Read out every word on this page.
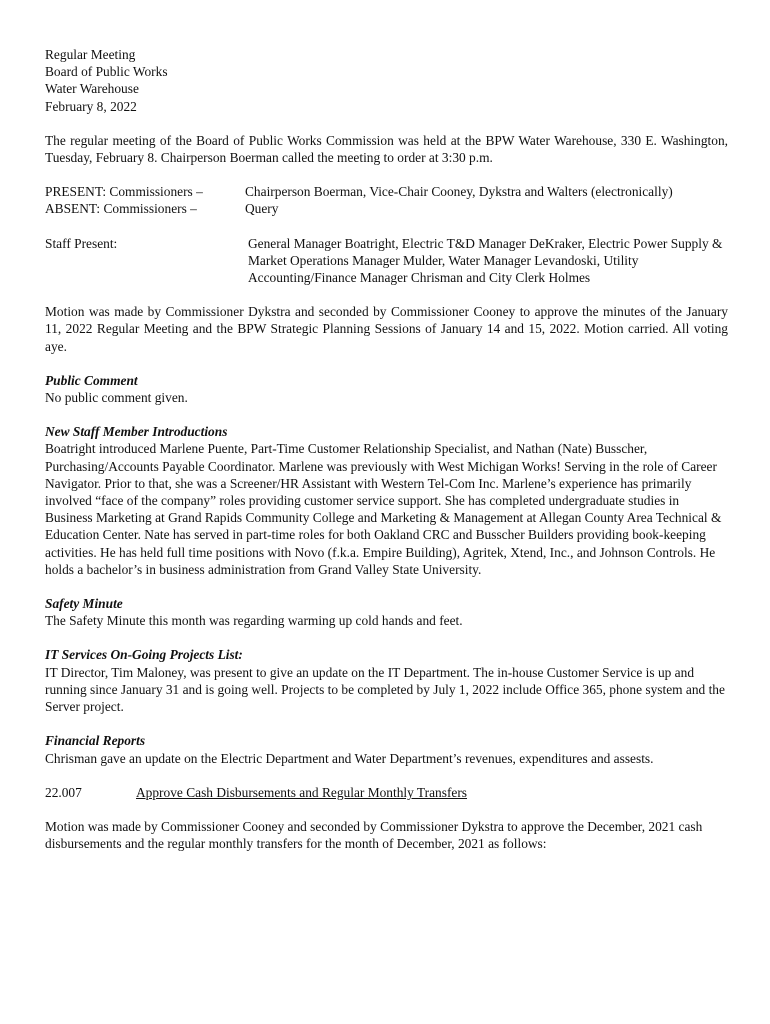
Regular Meeting
Board of Public Works
Water Warehouse
February 8, 2022

The regular meeting of the Board of Public Works Commission was held at the BPW Water Warehouse, 330 E. Washington, Tuesday, February 8. Chairperson Boerman called the meeting to order at 3:30 p.m.

PRESENT: Commissioners –	Chairperson Boerman, Vice-Chair Cooney, Dykstra and Walters (electronically)
ABSENT: Commissioners –	Query
Staff Present:	General Manager Boatright, Electric T&D Manager DeKraker, Electric Power Supply & Market Operations Manager Mulder, Water Manager Levandoski, Utility Accounting/Finance Manager Chrisman and City Clerk Holmes

Motion was made by Commissioner Dykstra and seconded by Commissioner Cooney to approve the minutes of the January 11, 2022 Regular Meeting and the BPW Strategic Planning Sessions of January 14 and 15, 2022. Motion carried. All voting aye.

Public Comment
No public comment given.
New Staff Member Introductions
Boatright introduced Marlene Puente, Part-Time Customer Relationship Specialist, and Nathan (Nate) Busscher, Purchasing/Accounts Payable Coordinator. Marlene was previously with West Michigan Works! Serving in the role of Career Navigator. Prior to that, she was a Screener/HR Assistant with Western Tel-Com Inc. Marlene’s experience has primarily involved “face of the company” roles providing customer service support. She has completed undergraduate studies in Business Marketing at Grand Rapids Community College and Marketing & Management at Allegan County Area Technical & Education Center. Nate has served in part-time roles for both Oakland CRC and Busscher Builders providing book-keeping activities. He has held full time positions with Novo (f.k.a. Empire Building), Agritek, Xtend, Inc., and Johnson Controls. He holds a bachelor’s in business administration from Grand Valley State University.
Safety Minute
The Safety Minute this month was regarding warming up cold hands and feet.
IT Services On-Going Projects List:
IT Director, Tim Maloney, was present to give an update on the IT Department. The in-house Customer Service is up and running since January 31 and is going well. Projects to be completed by July 1, 2022 include Office 365, phone system and the Server project.
Financial Reports
Chrisman gave an update on the Electric Department and Water Department’s revenues, expenditures and assests.
22.007	Approve Cash Disbursements and Regular Monthly Transfers

Motion was made by Commissioner Cooney and seconded by Commissioner Dykstra to approve the December, 2021 cash disbursements and the regular monthly transfers for the month of December, 2021 as follows:
